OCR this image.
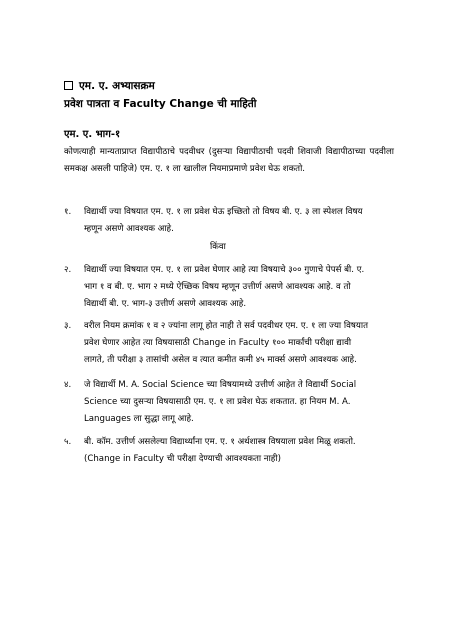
एम. ए. अभ्यासक्रम
प्रवेश पात्रता व Faculty Change ची माहिती
एम. ए. भाग-१
कोणत्याही मान्यताप्राप्त विद्यापीठाचे पदवीधर (दुसऱ्या विद्यापीठाची पदवी शिवाजी विद्यापीठाच्या पदवीला समकक्ष असली पाहिजे) एम. ए. १ ला खालील नियमाप्रमाणे प्रवेश घेऊ शकतो.
१.	विद्यार्थी ज्या विषयात एम. ए. १ ला प्रवेश घेऊ इच्छितो तो विषय बी. ए. ३ ला स्पेशल विषय
म्हणून असणे आवश्यक आहे.
किंवा
२.	विद्यार्थी ज्या विषयात एम. ए. १ ला प्रवेश घेणार आहे त्या विषयाचे ३०० गुणाचे पेपर्स बी. ए.
भाग १ व बी. ए. भाग २ मध्ये ऐच्छिक विषय म्हणून उत्तीर्ण असणे आवश्यक आहे. व तो
विद्यार्थी बी. ए. भाग-३ उत्तीर्ण असणे आवश्यक आहे.
३.	वरील नियम क्रमांक १ व २ ज्यांना लागू होत नाही ते सर्व पदवीधर एम. ए. १ ला ज्या विषयात
प्रवेश घेणार आहेत त्या विषयासाठी Change in Faculty १०० मार्कांची परीक्षा द्यावी
लागते, ती परीक्षा ३ तासांची असेल व त्यात कमीत कमी ४५ मार्क्स असणे आवश्यक आहे.
४.	जे विद्यार्थी M. A. Social Science च्या विषयामध्ये उत्तीर्ण आहेत ते विद्यार्थी Social
Science च्या दुसऱ्या विषयासाठी एम. ए. १ ला प्रवेश घेऊ शकतात. हा नियम M. A.
Languages ला सुद्धा लागू आहे.
५.	बी. कॉम. उत्तीर्ण असलेल्या विद्यार्थ्यांना एम. ए. १ अर्थशास्त्र विषयाला प्रवेश मिळू शकतो.
(Change in Faculty ची परीक्षा देण्याची आवश्यकता नाही)
